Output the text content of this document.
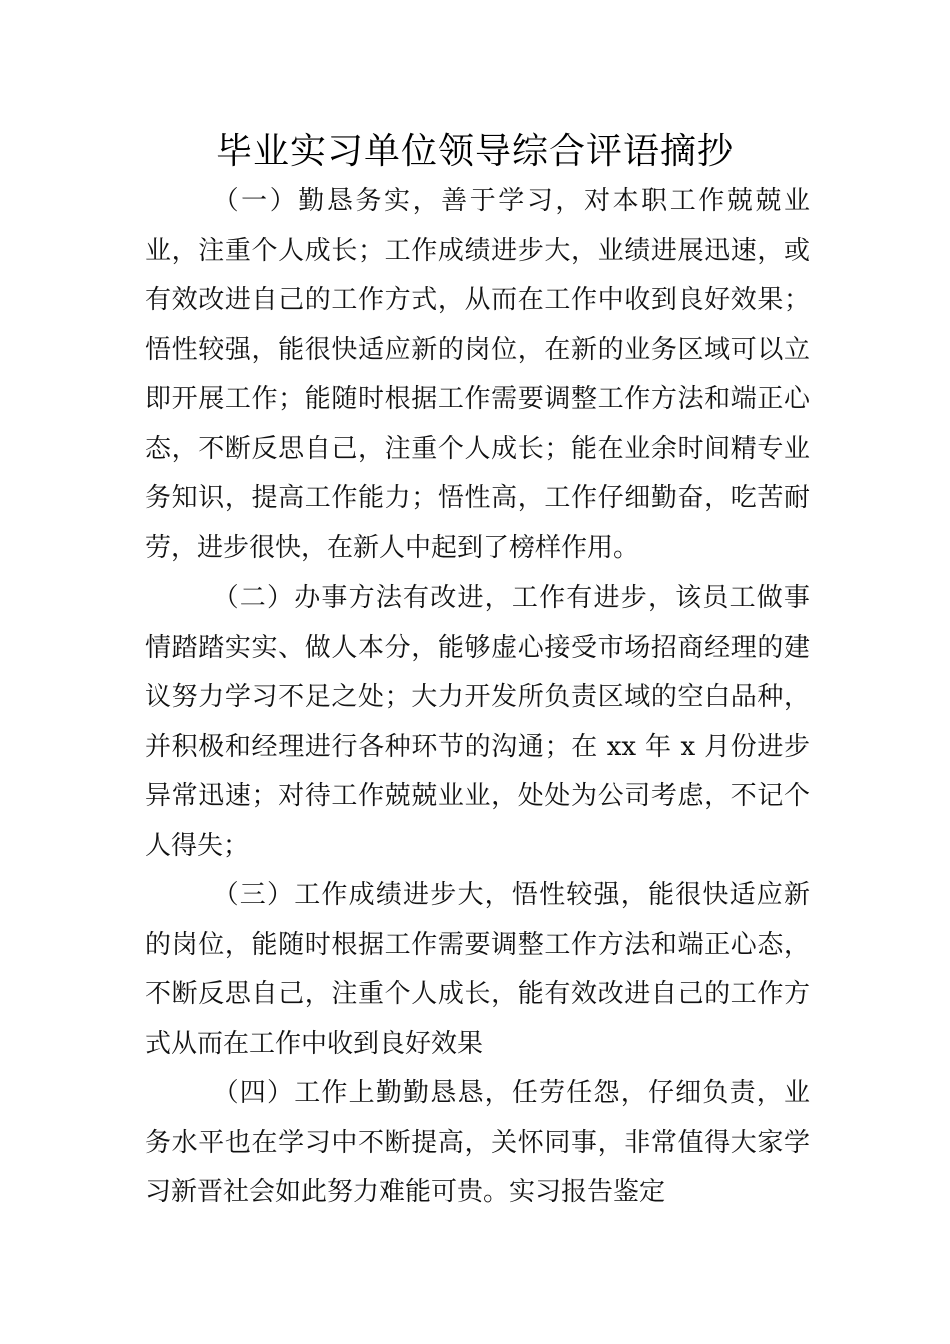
毕业实习单位领导综合评语摘抄

（一）勤恳务实，善于学习，对本职工作兢兢业业，注重个人成长；工作成绩进步大，业绩进展迅速，或有效改进自己的工作方式，从而在工作中收到良好效果；悟性较强，能很快适应新的岗位，在新的业务区域可以立即开展工作；能随时根据工作需要调整工作方法和端正心态，不断反思自己，注重个人成长；能在业余时间精专业务知识，提高工作能力；悟性高，工作仔细勤奋，吃苦耐劳，进步很快，在新人中起到了榜样作用。

（二）办事方法有改进，工作有进步，该员工做事情踏踏实实、做人本分，能够虚心接受市场招商经理的建议努力学习不足之处；大力开发所负责区域的空白品种，并积极和经理进行各种环节的沟通；在 xx 年 x 月份进步异常迅速；对待工作兢兢业业，处处为公司考虑，不记个人得失；

（三）工作成绩进步大，悟性较强，能很快适应新的岗位，能随时根据工作需要调整工作方法和端正心态，不断反思自己，注重个人成长，能有效改进自己的工作方式从而在工作中收到良好效果

（四）工作上勤勤恳恳，任劳任怨，仔细负责，业务水平也在学习中不断提高，关怀同事，非常值得大家学习新晋社会如此努力难能可贵。实习报告鉴定
